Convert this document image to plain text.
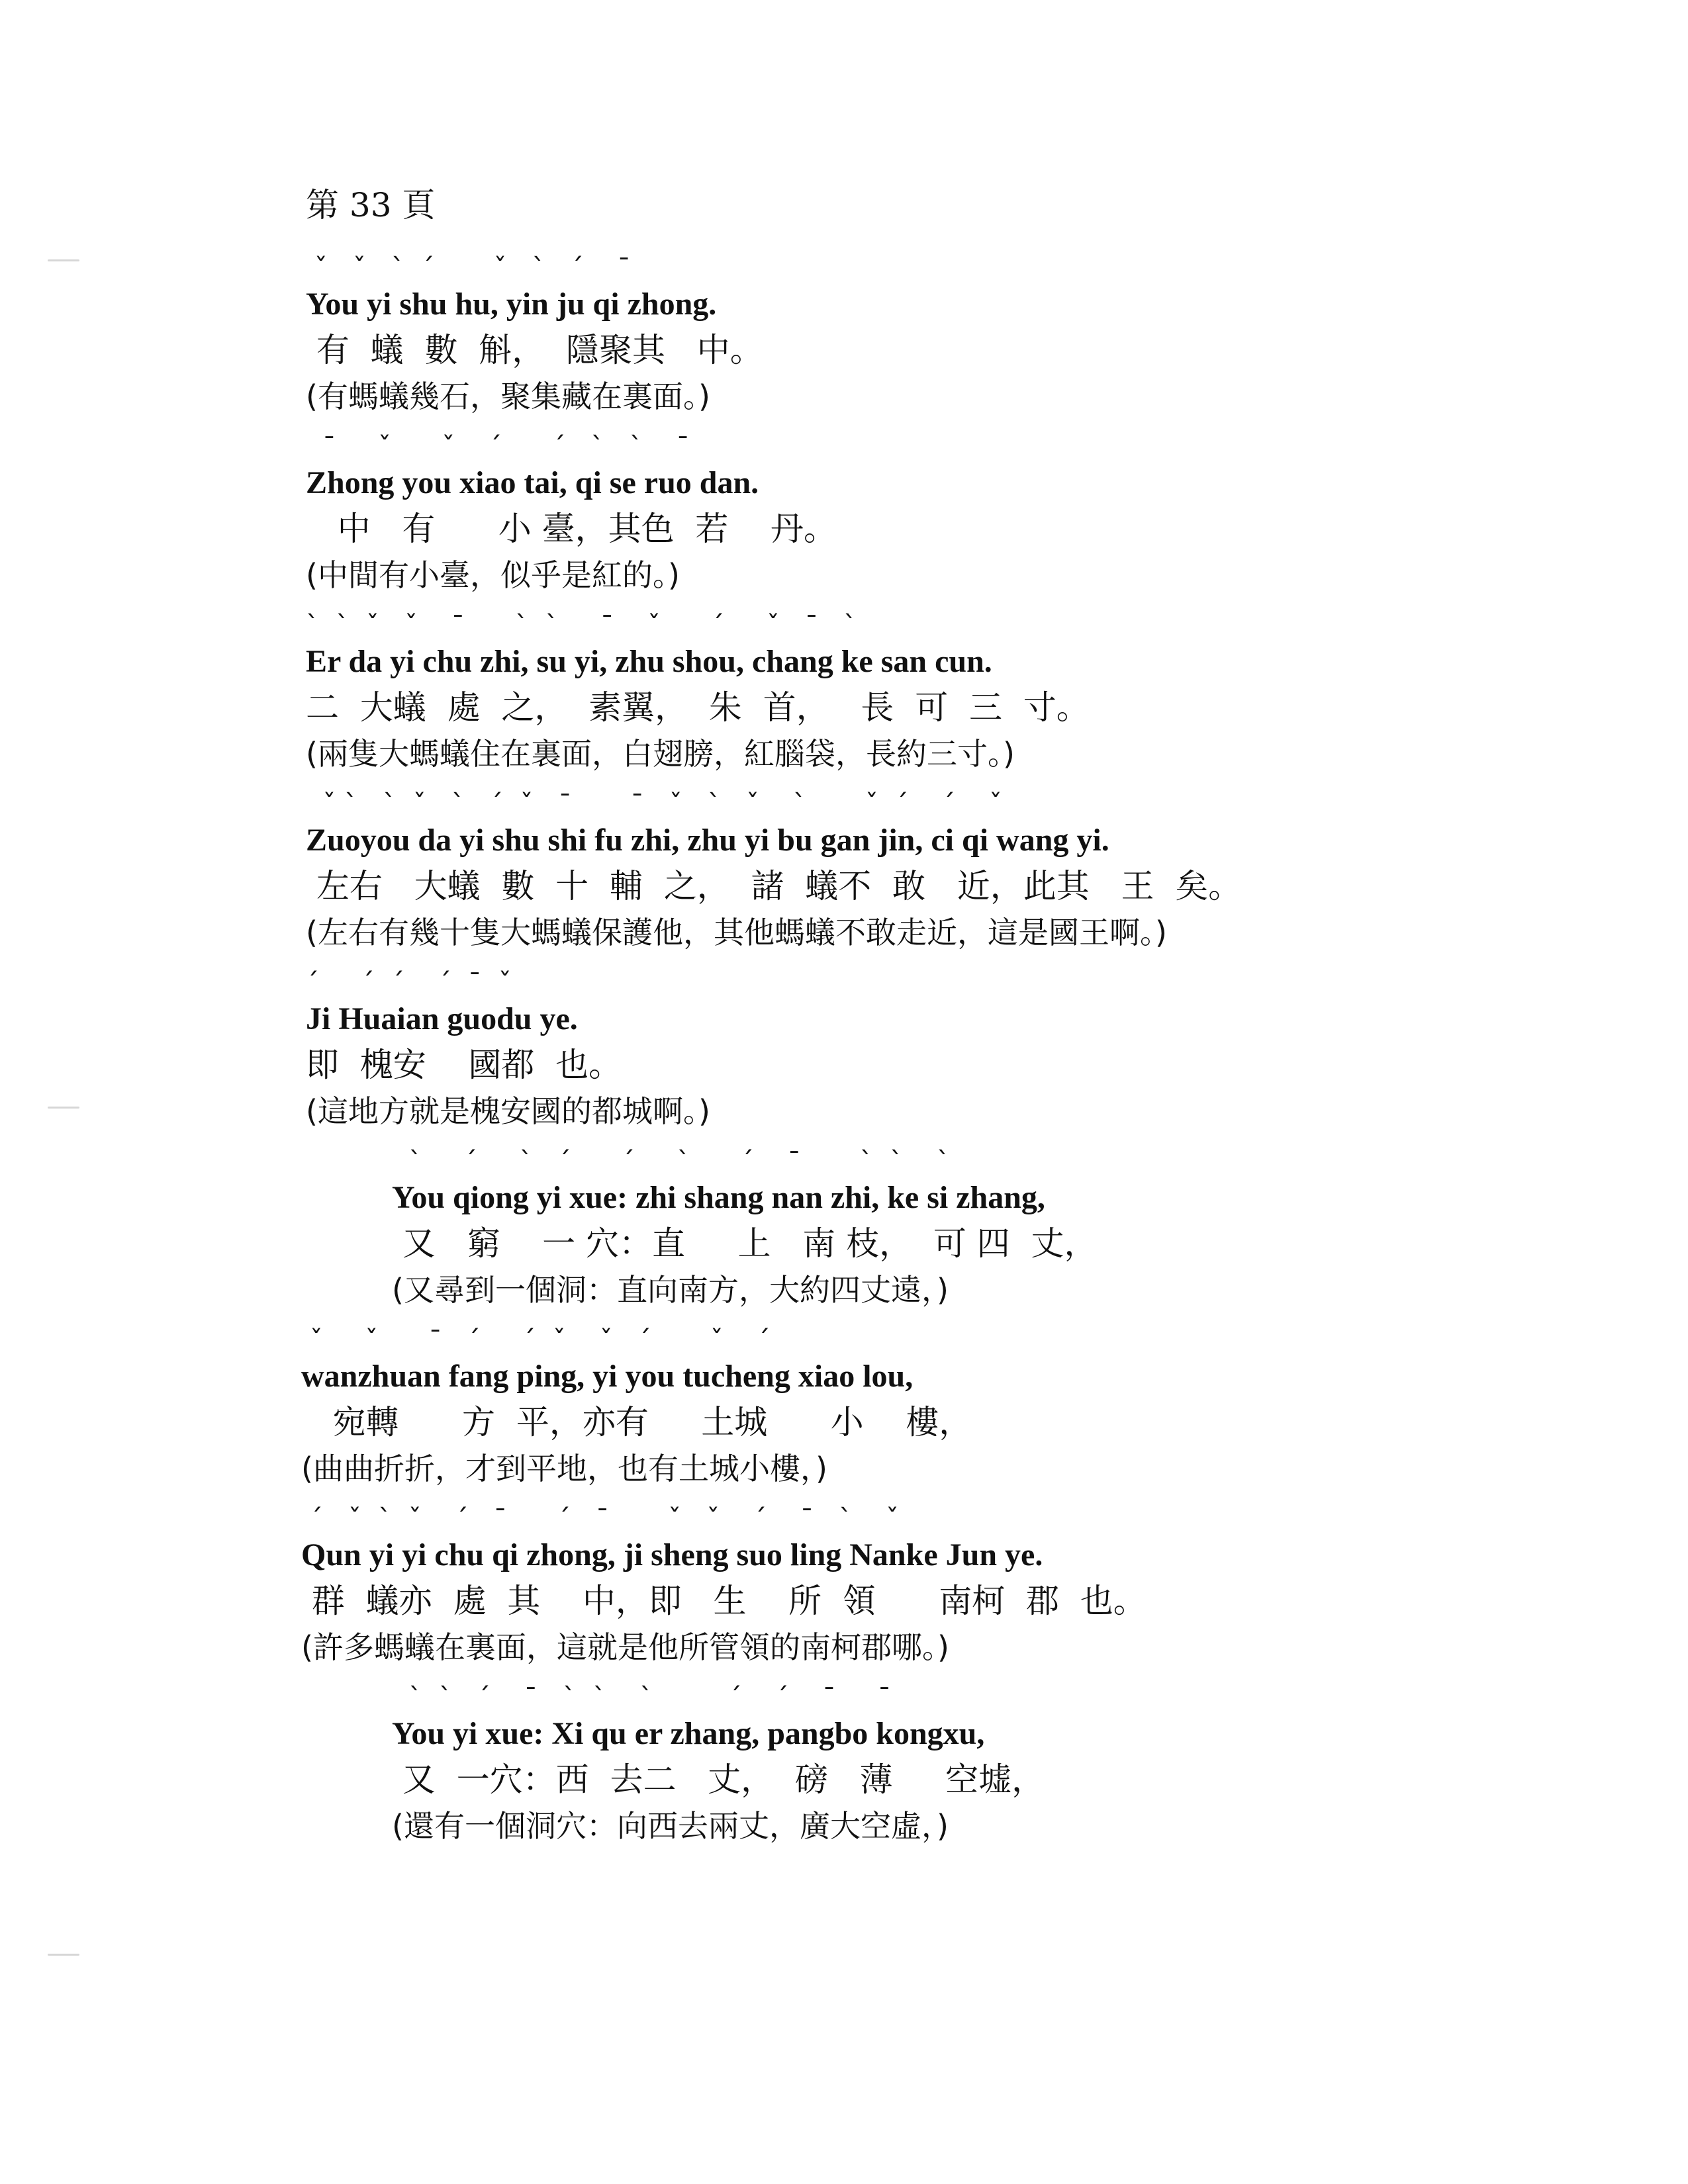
第 33 頁
ˇ   ˇ   ˋ  ˊ       ˇ   ˋ   ˊ    ˉ
You yi shu hu, yin ju qi zhong.
有  蟻  數  斛，  隱聚其   中。
(有螞蟻幾石，聚集藏在裏面。)
ˉ     ˇ      ˇ    ˊ      ˊ   ˋ   ˋ    ˉ
Zhong you xiao tai, qi se ruo dan.
中   有      小 臺，其色  若    丹。
(中間有小臺，似乎是紅的。)
ˋ  ˋ  ˇ   ˇ    ˉ      ˋ  ˋ     ˉ    ˇ      ˊ     ˇ   ˉ   ˋ
Er da yi chu zhi, su yi, zhu shou, chang ke san cun.
二  大蟻  處  之，  素翼，  朱  首，   長  可  三  寸。
(兩隻大螞蟻住在裏面，白翅膀，紅腦袋，長約三寸。)
ˇ ˋ   ˋ  ˇ   ˋ   ˊ  ˇ   ˉ       ˉ   ˇ   ˋ   ˇ    ˋ       ˇ  ˊ    ˊ    ˇ
Zuoyou da yi shu shi fu zhi, zhu yi bu gan jin, ci qi wang yi.
左右   大蟻  數  十  輔  之，  諸  蟻不  敢   近，此其   王  矣。
(左右有幾十隻大螞蟻保護他，其他螞蟻不敢走近，這是國王啊。)
ˊ     ˊ  ˊ    ˊ  ˉ  ˇ
Ji Huaian guodu ye.
即  槐安    國都  也。
(這地方就是槐安國的都城啊。)
ˋ     ˊ     ˋ   ˊ      ˊ     ˋ      ˊ    ˉ       ˋ  ˋ    ˋ
You qiong yi xue: zhi shang nan zhi, ke si zhang,
又   窮    一 穴：直     上   南 枝，  可 四  丈，
(又尋到一個洞：直向南方，大約四丈遠，)
ˇ     ˇ      ˉ   ˊ     ˊ  ˇ    ˇ   ˊ       ˇ    ˊ
wanzhuan fang ping, yi you tucheng xiao lou,
宛轉      方  平，亦有     土城      小    樓，
(曲曲折折，才到平地，也有土城小樓，)
ˊ   ˇ  ˋ  ˇ    ˊ   ˉ      ˊ   ˉ       ˇ   ˇ    ˊ    ˉ   ˋ    ˇ
Qun yi yi chu qi zhong, ji sheng suo ling Nanke Jun ye.
群  蟻亦  處  其    中，即   生    所  領      南柯  郡  也。
(許多螞蟻在裏面，這就是他所管領的南柯郡哪。)
ˋ  ˋ   ˊ    ˉ   ˋ  ˋ    ˋ         ˊ    ˊ    ˉ     ˉ
You yi xue: Xi qu er zhang, pangbo kongxu,
又  一穴：西  去二   丈，  磅   薄     空墟，
(還有一個洞穴：向西去兩丈，廣大空虛，)
